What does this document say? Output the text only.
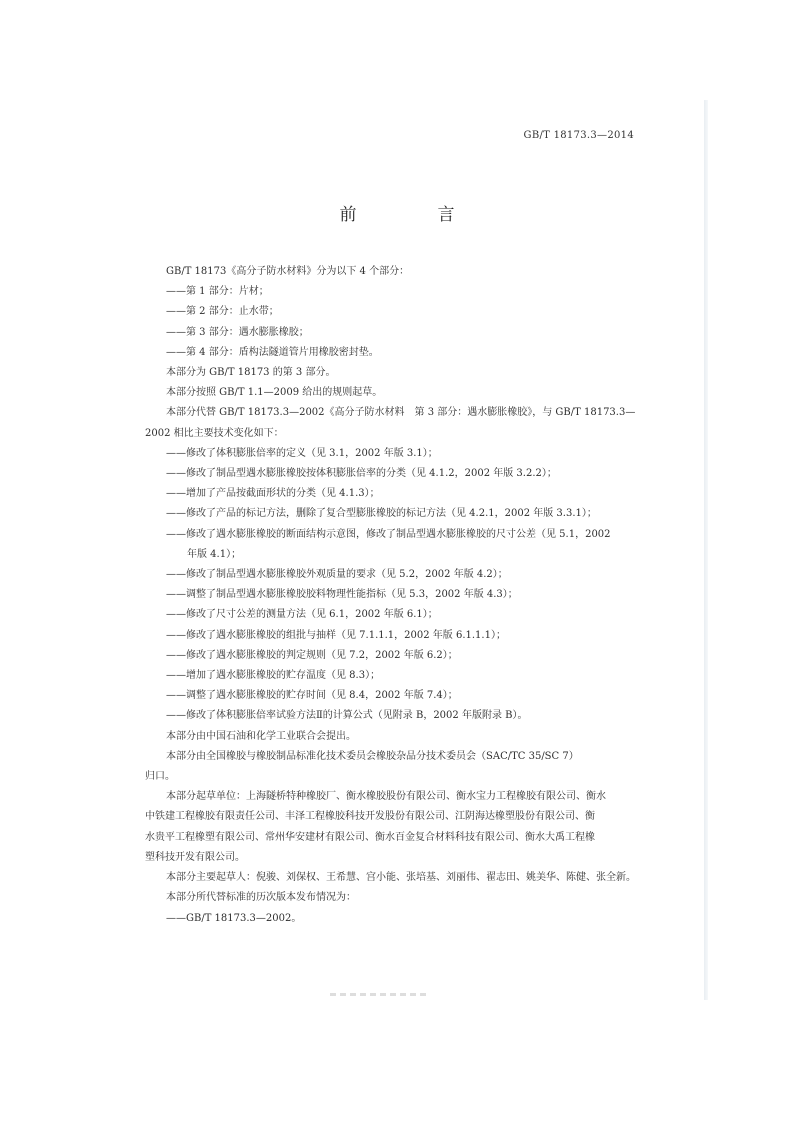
GB/T 18173.3—2014
前　言
GB/T 18173《高分子防水材料》分为以下 4 个部分：
——第 1 部分：片材；
——第 2 部分：止水带；
——第 3 部分：遇水膨胀橡胶；
——第 4 部分：盾构法隧道管片用橡胶密封垫。
本部分为 GB/T 18173 的第 3 部分。
本部分按照 GB/T 1.1—2009 给出的规则起草。
本部分代替 GB/T 18173.3—2002《高分子防水材料　第 3 部分：遇水膨胀橡胶》，与 GB/T 18173.3—
2002 相比主要技术变化如下：
——修改了体积膨胀倍率的定义（见 3.1，2002 年版 3.1）；
——修改了制品型遇水膨胀橡胶按体积膨胀倍率的分类（见 4.1.2，2002 年版 3.2.2）；
——增加了产品按截面形状的分类（见 4.1.3）；
——修改了产品的标记方法，删除了复合型膨胀橡胶的标记方法（见 4.2.1，2002 年版 3.3.1）；
——修改了遇水膨胀橡胶的断面结构示意图，修改了制品型遇水膨胀橡胶的尺寸公差（见 5.1，2002
年版 4.1）；
——修改了制品型遇水膨胀橡胶外观质量的要求（见 5.2，2002 年版 4.2）；
——调整了制品型遇水膨胀橡胶胶料物理性能指标（见 5.3，2002 年版 4.3）；
——修改了尺寸公差的测量方法（见 6.1，2002 年版 6.1）；
——修改了遇水膨胀橡胶的组批与抽样（见 7.1.1.1，2002 年版 6.1.1.1）；
——修改了遇水膨胀橡胶的判定规则（见 7.2，2002 年版 6.2）；
——增加了遇水膨胀橡胶的贮存温度（见 8.3）；
——调整了遇水膨胀橡胶的贮存时间（见 8.4，2002 年版 7.4）；
——修改了体积膨胀倍率试验方法Ⅱ的计算公式（见附录 B，2002 年版附录 B）。
本部分由中国石油和化学工业联合会提出。
本部分由全国橡胶与橡胶制品标准化技术委员会橡胶杂品分技术委员会（SAC/TC 35/SC 7）
归口。
本部分起草单位：上海隧桥特种橡胶厂、衡水橡胶股份有限公司、衡水宝力工程橡胶有限公司、衡水
中铁建工程橡胶有限责任公司、丰泽工程橡胶科技开发股份有限公司、江阴海达橡塑股份有限公司、衡
水贵平工程橡塑有限公司、常州华安建材有限公司、衡水百金复合材料科技有限公司、衡水大禹工程橡
塑科技开发有限公司。
本部分主要起草人：倪骏、刘保权、王希慧、宫小能、张培基、刘丽伟、翟志田、姚美华、陈健、张全新。
本部分所代替标准的历次版本发布情况为：
——GB/T 18173.3—2002。
